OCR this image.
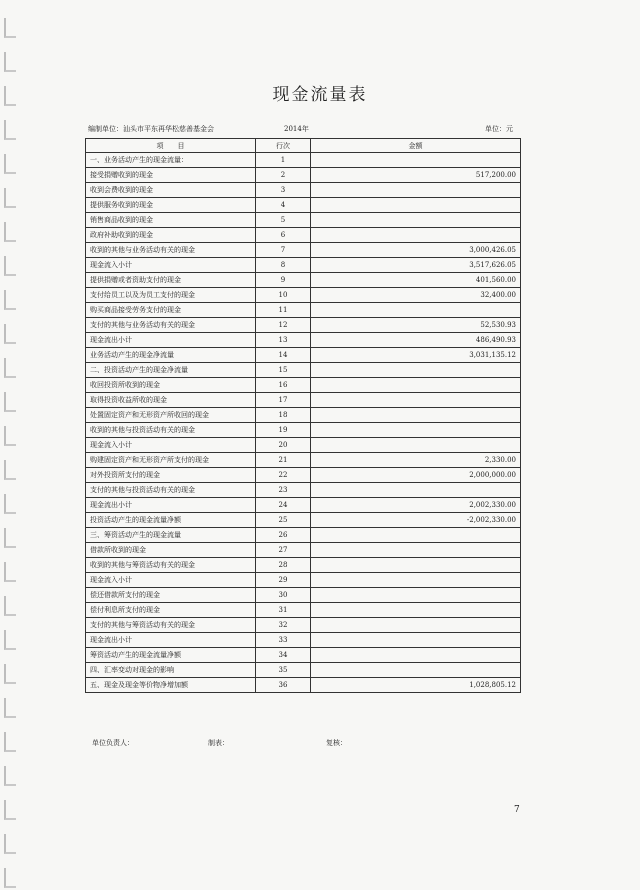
现金流量表
编制单位：汕头市平东再华松慈善基金会	2014年	单位：元
项　　目	行次	金额
一、业务活动产生的现金流量：	1	
接受捐赠收到的现金	2	517,200.00
收到会费收到的现金	3	
提供服务收到的现金	4	
销售商品收到的现金	5	
政府补助收到的现金	6	
收到的其他与业务活动有关的现金	7	3,000,426.05
现金流入小计	8	3,517,626.05
提供捐赠或者资助支付的现金	9	401,560.00
支付给员工以及为员工支付的现金	10	32,400.00
购买商品接受劳务支付的现金	11	
支付的其他与业务活动有关的现金	12	52,530.93
现金流出小计	13	486,490.93
业务活动产生的现金净流量	14	3,031,135.12
二、投资活动产生的现金净流量	15	
收回投资所收到的现金	16	
取得投资收益所收的现金	17	
处置固定资产和无形资产所收回的现金	18	
收到的其他与投资活动有关的现金	19	
现金流入小计	20	
购建固定资产和无形资产所支付的现金	21	2,330.00
对外投资所支付的现金	22	2,000,000.00
支付的其他与投资活动有关的现金	23	
现金流出小计	24	2,002,330.00
投资活动产生的现金流量净额	25	-2,002,330.00
三、筹资活动产生的现金流量	26	
借款所收到的现金	27	
收到的其他与筹资活动有关的现金	28	
现金流入小计	29	
偿还借款所支付的现金	30	
偿付利息所支付的现金	31	
支付的其他与筹资活动有关的现金	32	
现金流出小计	33	
筹资活动产生的现金流量净额	34	
四、汇率变动对现金的影响	35	
五、现金及现金等价物净增加额	36	1,028,805.12
单位负责人：	制表：	复核：
7
